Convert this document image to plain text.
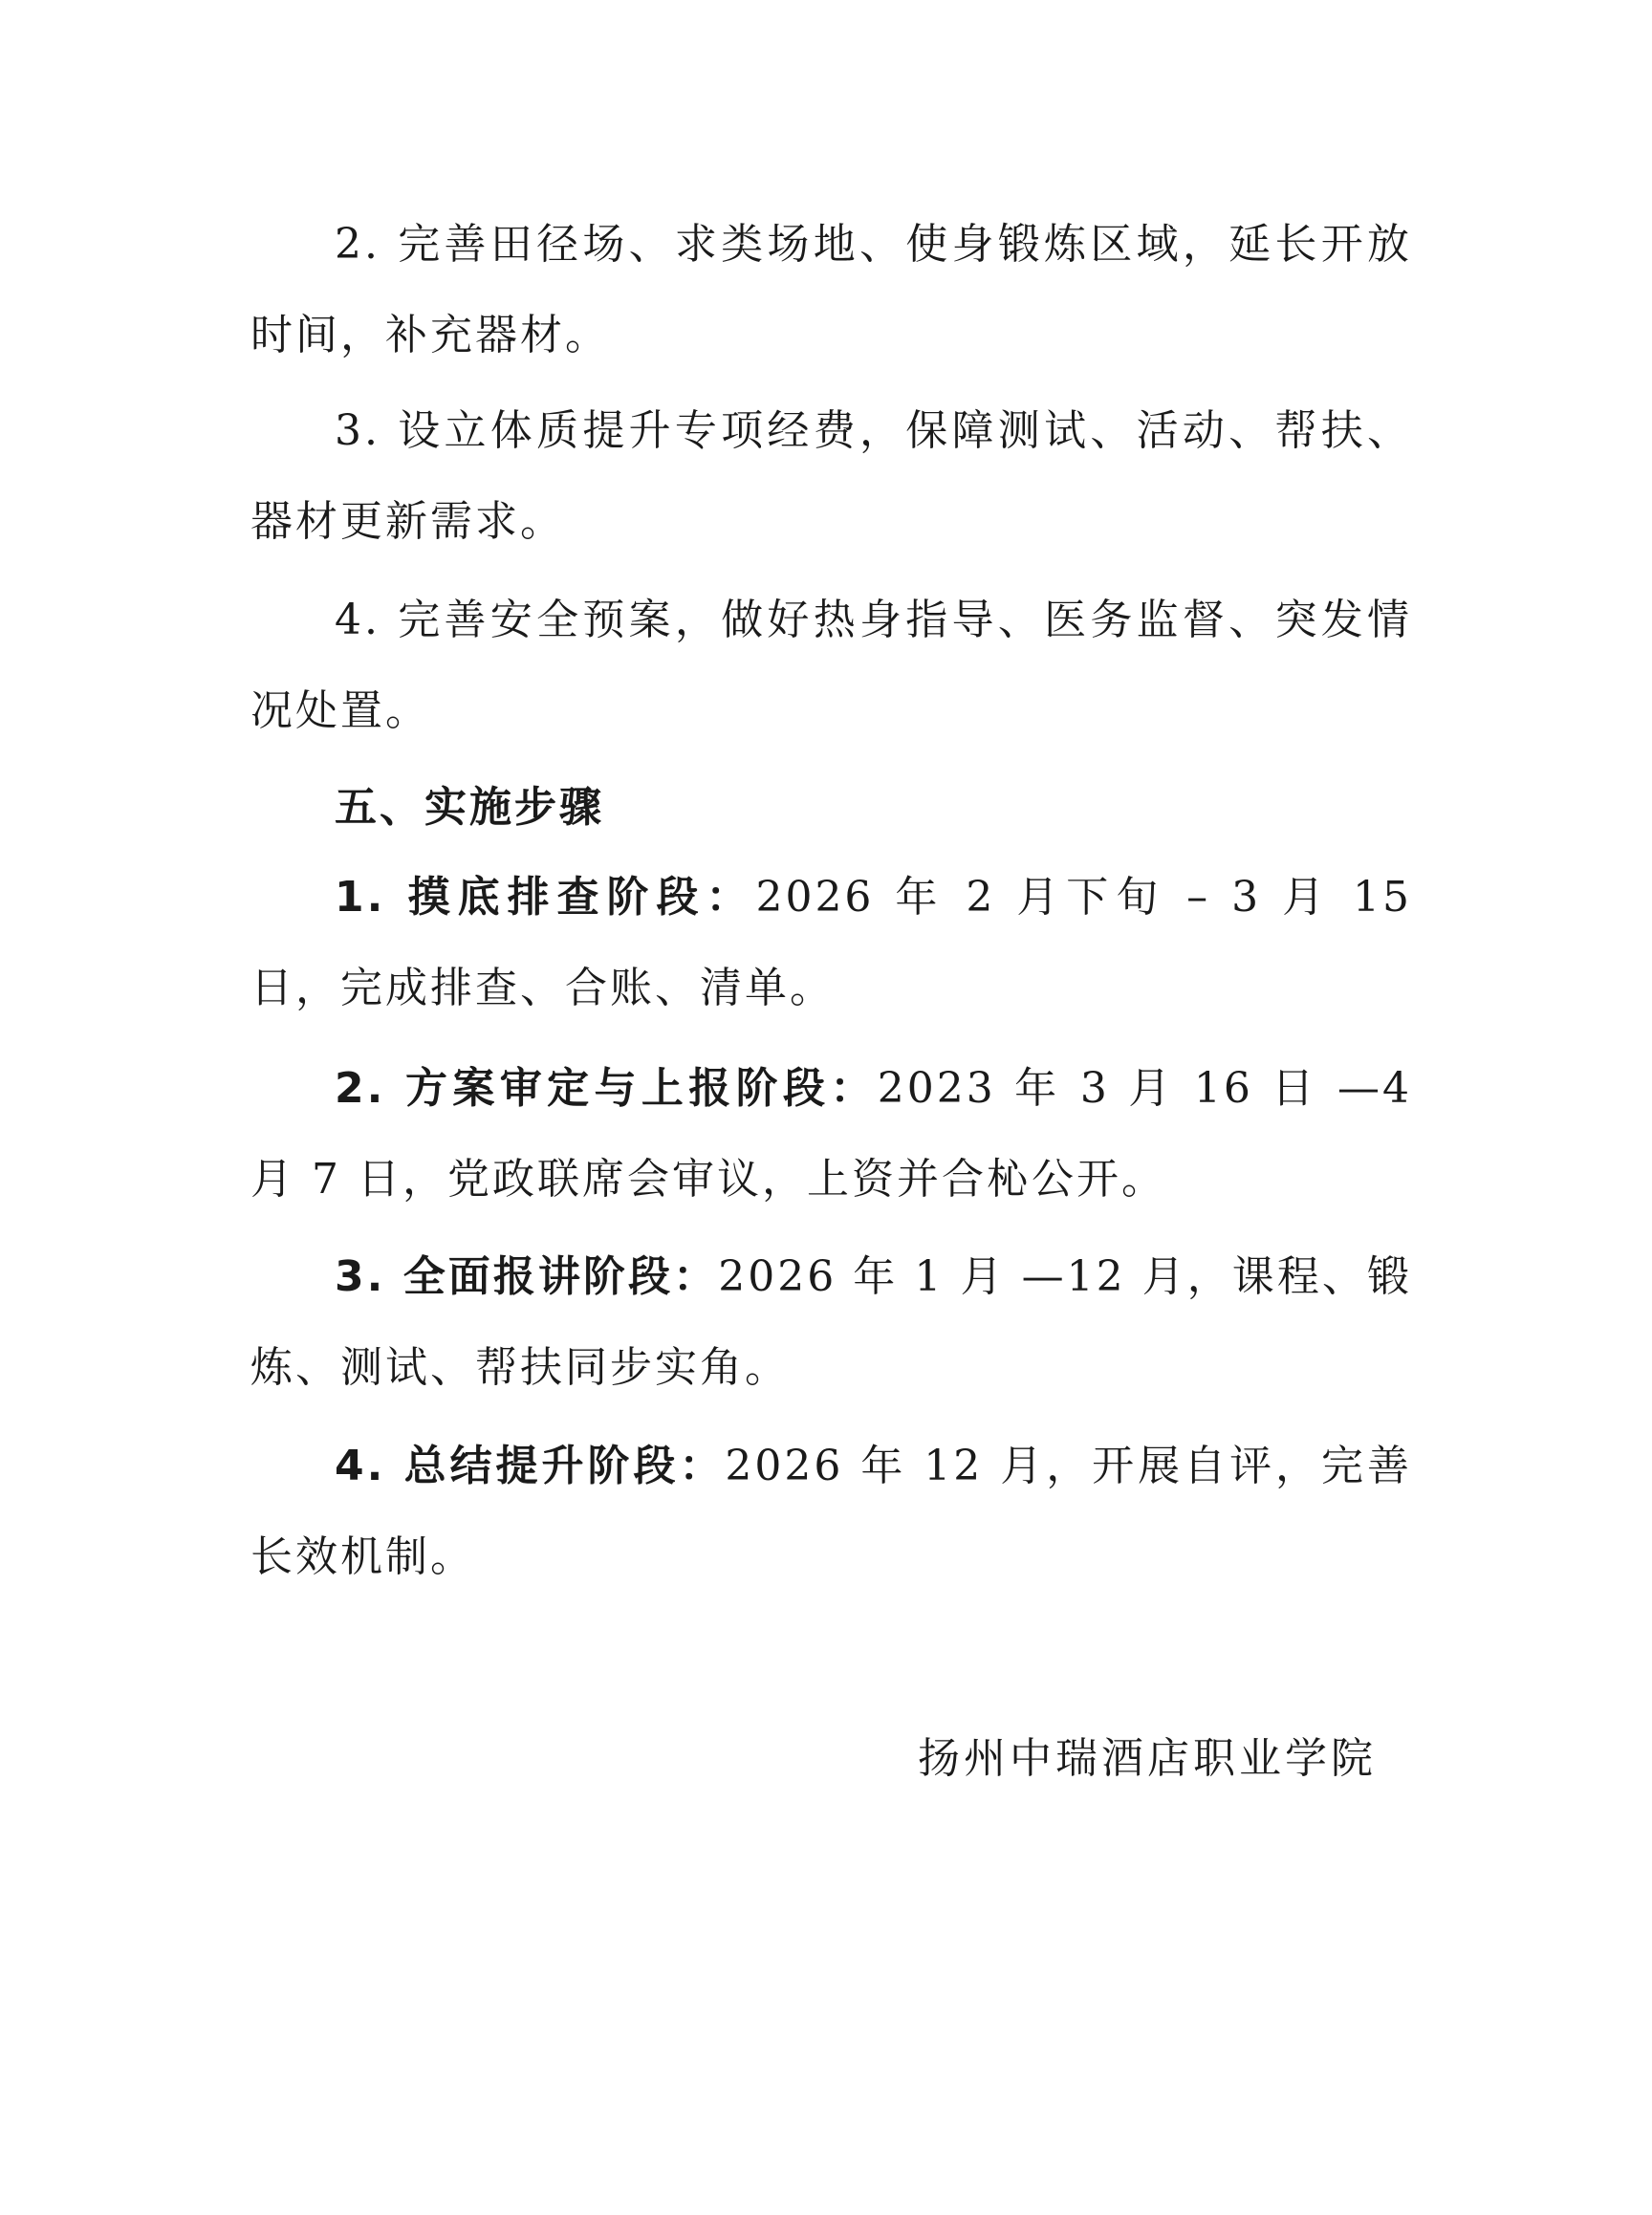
2. 完善田径场、求类场地、使身锻炼区域，延长开放时间，补充器材。

3. 设立体质提升专项经费，保障测试、活动、帮扶、器材更新需求。

4. 完善安全预案，做好热身指导、医务监督、突发情况处置。

五、实施步骤

1. 摸底排查阶段：2026 年 2 月下旬 – 3 月 15 日，完成排查、合账、清单。

2. 方案审定与上报阶段：2023 年 3 月 16 日 —4 月 7 日，党政联席会审议，上资并合杺公开。

3. 全面报讲阶段：2026 年 1 月 —12 月，课程、锻炼、测试、帮扶同步实角。

4. 总结提升阶段：2026 年 12 月，开展自评，完善长效机制。

扬州中瑞酒店职业学院
